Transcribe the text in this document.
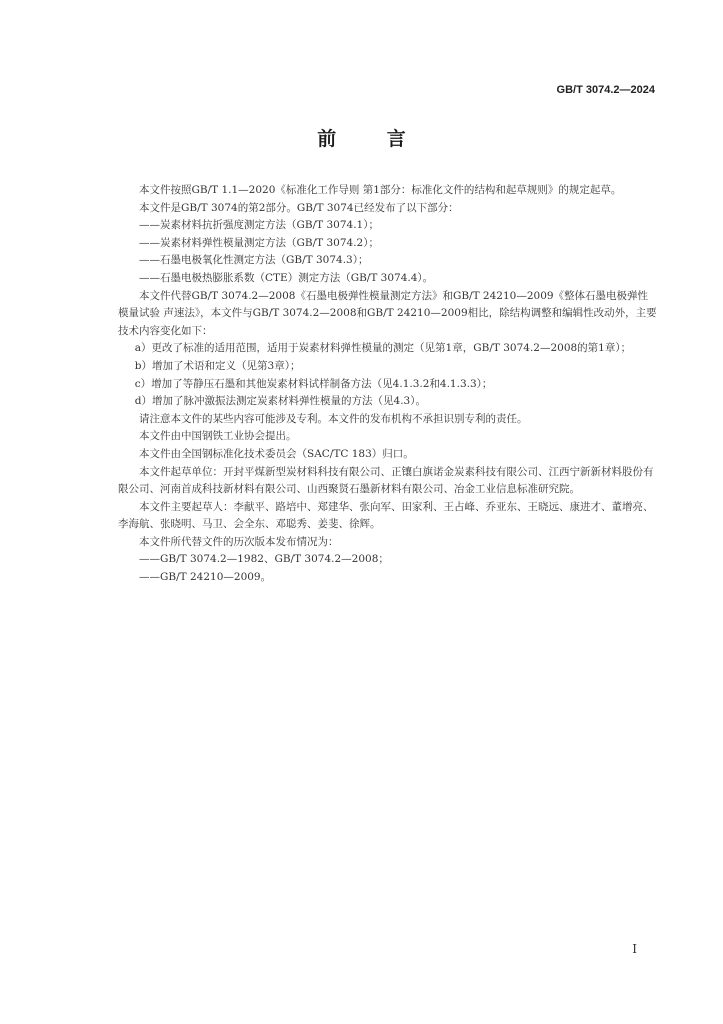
GB/T 3074.2—2024
前 言

本文件按照GB/T 1.1—2020《标准化工作导则 第1部分：标准化文件的结构和起草规则》的规定起草。

本文件是GB/T 3074的第2部分。GB/T 3074已经发布了以下部分：

——炭素材料抗折强度测定方法（GB/T 3074.1）；

——炭素材料弹性模量测定方法（GB/T 3074.2）；

——石墨电极氧化性测定方法（GB/T 3074.3）；

——石墨电极热膨胀系数（CTE）测定方法（GB/T 3074.4）。

本文件代替GB/T 3074.2—2008《石墨电极弹性模量测定方法》和GB/T 24210—2009《整体石墨电极弹性模量试验 声速法》，本文件与GB/T 3074.2—2008和GB/T 24210—2009相比，除结构调整和编辑性改动外，主要技术内容变化如下：

a）更改了标准的适用范围，适用于炭素材料弹性模量的测定（见第1章，GB/T 3074.2—2008的第1章）；

b）增加了术语和定义（见第3章）；

c）增加了等静压石墨和其他炭素材料试样制备方法（见4.1.3.2和4.1.3.3）；

d）增加了脉冲激振法测定炭素材料弹性模量的方法（见4.3）。

请注意本文件的某些内容可能涉及专利。本文件的发布机构不承担识别专利的责任。

本文件由中国钢铁工业协会提出。

本文件由全国钢标准化技术委员会（SAC/TC 183）归口。

本文件起草单位：开封平煤新型炭材料科技有限公司、正镶白旗诺金炭素科技有限公司、江西宁新新材料股份有限公司、河南首成科技新材料有限公司、山西聚贤石墨新材料有限公司、冶金工业信息标准研究院。

本文件主要起草人：李献平、路培中、郑建华、张向军、田家利、王占峰、乔亚东、王晓远、康进才、董增亮、李海航、张晓明、马卫、会全东、邓聪秀、姜斐、徐辉。

本文件所代替文件的历次版本发布情况为：

——GB/T 3074.2—1982、GB/T 3074.2—2008；

——GB/T 24210—2009。

I
